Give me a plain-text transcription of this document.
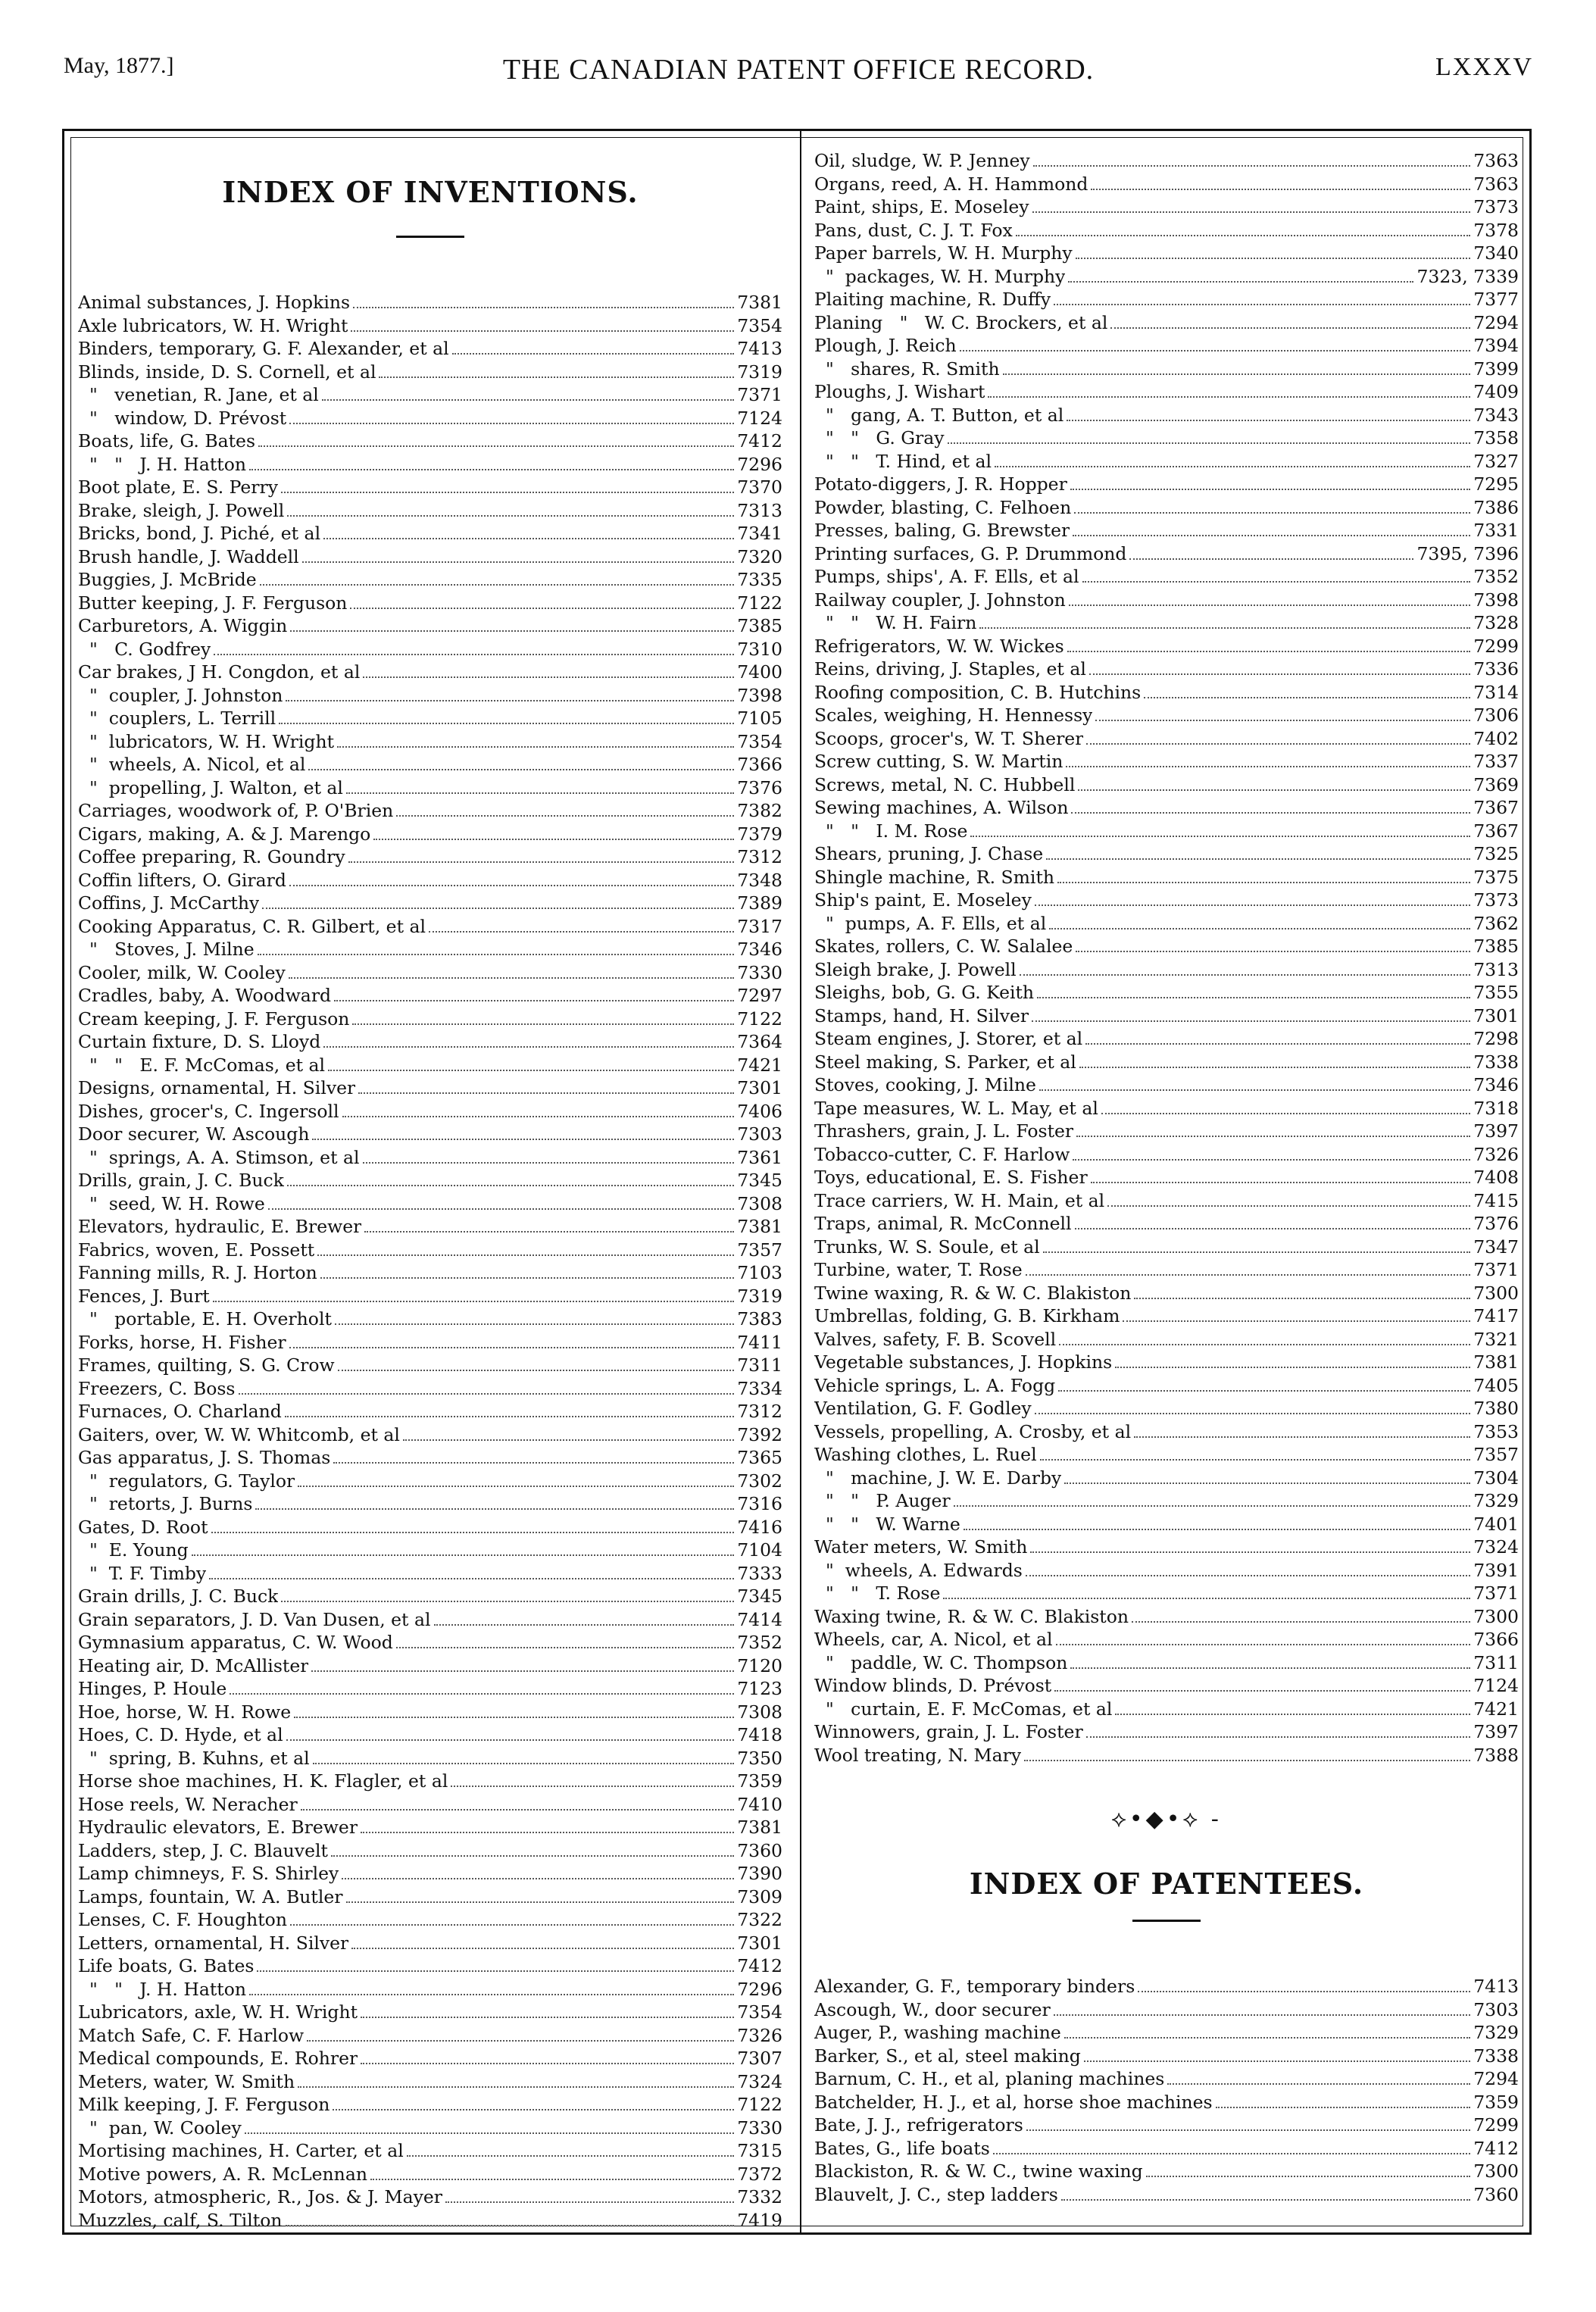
THE CANADIAN PATENT OFFICE RECORD.
May, 1877.]	LXXXV
INDEX OF INVENTIONS.
Animal substances, J. Hopkins	7381
Axle lubricators, W. H. Wright	7354
Binders, temporary, G. F. Alexander, et al	7413
Blinds, inside, D. S. Cornell, et al	7319
"   venetian, R. Jane, et al	7371
"   window, D. Prévost	7124
Boats, life, G. Bates	7412
"   "   J. H. Hatton	7296
Boot plate, E. S. Perry	7370
Brake, sleigh, J. Powell	7313
Bricks, bond, J. Piché, et al	7341
Brush handle, J. Waddell	7320
Buggies, J. McBride	7335
Butter keeping, J. F. Ferguson	7122
Carburetors, A. Wiggin	7385
"   C. Godfrey	7310
Car brakes, J H. Congdon, et al	7400
"  coupler, J. Johnston	7398
"  couplers, L. Terrill	7105
"  lubricators, W. H. Wright	7354
"  wheels, A. Nicol, et al	7366
"  propelling, J. Walton, et al	7376
Carriages, woodwork of, P. O'Brien	7382
Cigars, making, A. & J. Marengo	7379
Coffee preparing, R. Goundry	7312
Coffin lifters, O. Girard	7348
Coffins, J. McCarthy	7389
Cooking Apparatus, C. R. Gilbert, et al	7317
"   Stoves, J. Milne	7346
Cooler, milk, W. Cooley	7330
Cradles, baby, A. Woodward	7297
Cream keeping, J. F. Ferguson	7122
Curtain fixture, D. S. Lloyd	7364
"   "   E. F. McComas, et al	7421
Designs, ornamental, H. Silver	7301
Dishes, grocer's, C. Ingersoll	7406
Door securer, W. Ascough	7303
"  springs, A. A. Stimson, et al	7361
Drills, grain, J. C. Buck	7345
"  seed, W. H. Rowe	7308
Elevators, hydraulic, E. Brewer	7381
Fabrics, woven, E. Possett	7357
Fanning mills, R. J. Horton	7103
Fences, J. Burt	7319
"   portable, E. H. Overholt	7383
Forks, horse, H. Fisher	7411
Frames, quilting, S. G. Crow	7311
Freezers, C. Boss	7334
Furnaces, O. Charland	7312
Gaiters, over, W. W. Whitcomb, et al	7392
Gas apparatus, J. S. Thomas	7365
"  regulators, G. Taylor	7302
"  retorts, J. Burns	7316
Gates, D. Root	7416
"  E. Young	7104
"  T. F. Timby	7333
Grain drills, J. C. Buck	7345
Grain separators, J. D. Van Dusen, et al	7414
Gymnasium apparatus, C. W. Wood	7352
Heating air, D. McAllister	7120
Hinges, P. Houle	7123
Hoe, horse, W. H. Rowe	7308
Hoes, C. D. Hyde, et al	7418
"  spring, B. Kuhns, et al	7350
Horse shoe machines, H. K. Flagler, et al	7359
Hose reels, W. Neracher	7410
Hydraulic elevators, E. Brewer	7381
Ladders, step, J. C. Blauvelt	7360
Lamp chimneys, F. S. Shirley	7390
Lamps, fountain, W. A. Butler	7309
Lenses, C. F. Houghton	7322
Letters, ornamental, H. Silver	7301
Life boats, G. Bates	7412
"   "   J. H. Hatton	7296
Lubricators, axle, W. H. Wright	7354
Match Safe, C. F. Harlow	7326
Medical compounds, E. Rohrer	7307
Meters, water, W. Smith	7324
Milk keeping, J. F. Ferguson	7122
"  pan, W. Cooley	7330
Mortising machines, H. Carter, et al	7315
Motive powers, A. R. McLennan	7372
Motors, atmospheric, R., Jos. & J. Mayer	7332
Muzzles, calf, S. Tilton	7419
Oil, sludge, W. P. Jenney	7363
Organs, reed, A. H. Hammond	7363
Paint, ships, E. Moseley	7373
Pans, dust, C. J. T. Fox	7378
Paper barrels, W. H. Murphy	7340
"  packages, W. H. Murphy	7323, 7339
Plaiting machine, R. Duffy	7377
Planing   "   W. C. Brockers, et al	7294
Plough, J. Reich	7394
"   shares, R. Smith	7399
Ploughs, J. Wishart	7409
"   gang, A. T. Button, et al	7343
"   "   G. Gray	7358
"   "   T. Hind, et al	7327
Potato-diggers, J. R. Hopper	7295
Powder, blasting, C. Felhoen	7386
Presses, baling, G. Brewster	7331
Printing surfaces, G. P. Drummond	7395, 7396
Pumps, ships', A. F. Ells, et al	7352
Railway coupler, J. Johnston	7398
"   "   W. H. Fairn	7328
Refrigerators, W. W. Wickes	7299
Reins, driving, J. Staples, et al	7336
Roofing composition, C. B. Hutchins	7314
Scales, weighing, H. Hennessy	7306
Scoops, grocer's, W. T. Sherer	7402
Screw cutting, S. W. Martin	7337
Screws, metal, N. C. Hubbell	7369
Sewing machines, A. Wilson	7367
"   "   I. M. Rose	7367
Shears, pruning, J. Chase	7325
Shingle machine, R. Smith	7375
Ship's paint, E. Moseley	7373
"  pumps, A. F. Ells, et al	7362
Skates, rollers, C. W. Salalee	7385
Sleigh brake, J. Powell	7313
Sleighs, bob, G. G. Keith	7355
Stamps, hand, H. Silver	7301
Steam engines, J. Storer, et al	7298
Steel making, S. Parker, et al	7338
Stoves, cooking, J. Milne	7346
Tape measures, W. L. May, et al	7318
Thrashers, grain, J. L. Foster	7397
Tobacco-cutter, C. F. Harlow	7326
Toys, educational, E. S. Fisher	7408
Trace carriers, W. H. Main, et al	7415
Traps, animal, R. McConnell	7376
Trunks, W. S. Soule, et al	7347
Turbine, water, T. Rose	7371
Twine waxing, R. & W. C. Blakiston	7300
Umbrellas, folding, G. B. Kirkham	7417
Valves, safety, F. B. Scovell	7321
Vegetable substances, J. Hopkins	7381
Vehicle springs, L. A. Fogg	7405
Ventilation, G. F. Godley	7380
Vessels, propelling, A. Crosby, et al	7353
Washing clothes, L. Ruel	7357
"   machine, J. W. E. Darby	7304
"   "   P. Auger	7329
"   "   W. Warne	7401
Water meters, W. Smith	7324
"  wheels, A. Edwards	7391
"   "   T. Rose	7371
Waxing twine, R. & W. C. Blakiston	7300
Wheels, car, A. Nicol, et al	7366
"   paddle, W. C. Thompson	7311
Window blinds, D. Prévost	7124
"   curtain, E. F. McComas, et al	7421
Winnowers, grain, J. L. Foster	7397
Wool treating, N. Mary	7388
⟡•◆•⟡ -
INDEX OF PATENTEES.
Alexander, G. F., temporary binders	7413
Ascough, W., door securer	7303
Auger, P., washing machine	7329
Barker, S., et al, steel making	7338
Barnum, C. H., et al, planing machines	7294
Batchelder, H. J., et al, horse shoe machines	7359
Bate, J. J., refrigerators	7299
Bates, G., life boats	7412
Blackiston, R. & W. C., twine waxing	7300
Blauvelt, J. C., step ladders	7360
